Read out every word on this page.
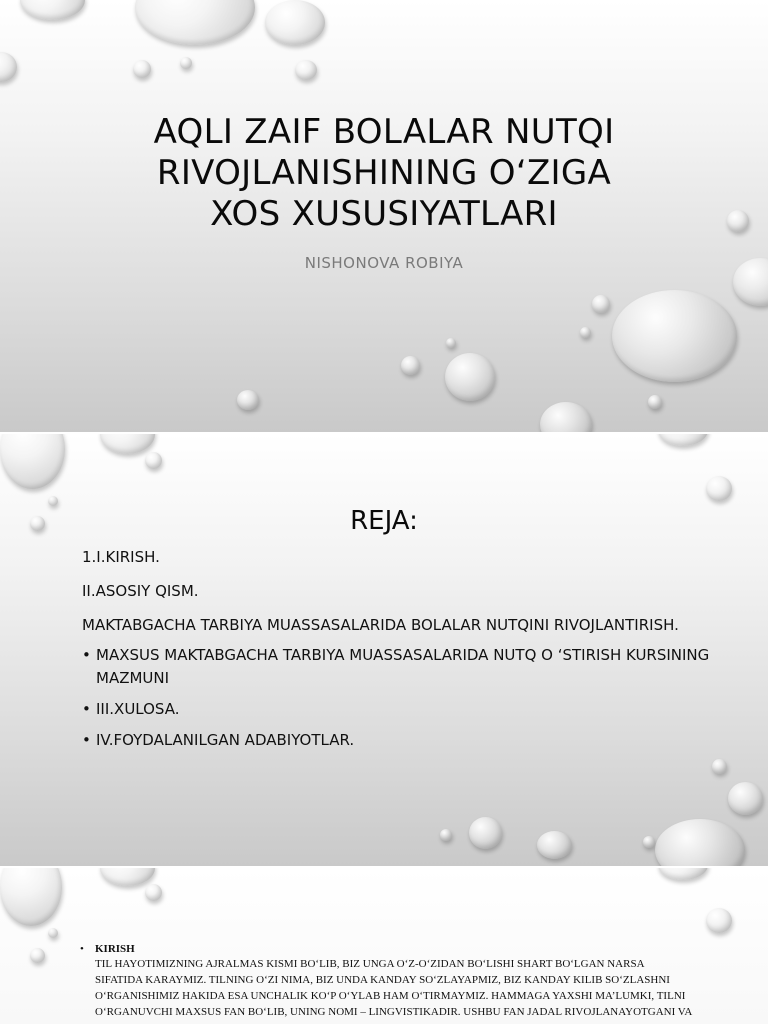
AQLI ZAIF BOLALAR NUTQI
RIVOJLANISHINING O‘ZIGA
XOS XUSUSIYATLARI
NISHONOVA ROBIYA
REJA:
1.I.KIRISH.
II.ASOSIY QISM.
MAKTABGACHA TARBIYA MUASSASALARIDA BOLALAR NUTQINI RIVOJLANTIRISH.
• MAXSUS MAKTABGACHA TARBIYA MUASSASALARIDA NUTQ O ‘STIRISH KURSINING MAZMUNI
• III.XULOSA.
• IV.FOYDALANILGAN ADABIYOTLAR.
•	KIRISH
TIL HAYOTIMIZNING AJRALMAS KISMI BO‘LIB, BIZ UNGA O‘Z-O‘ZIDAN BO‘LISHI SHART BO‘LGAN NARSA
SIFATIDA KARAYMIZ. TILNING O‘ZI NIMA, BIZ UNDA KANDAY SO‘ZLAYAPMIZ, BIZ KANDAY KILIB SO‘ZLASHNI
O‘RGANISHIMIZ HAKIDA ESA UNCHALIK KO‘P O‘YLAB HAM O‘TIRMAYMIZ. HAMMAGA YAXSHI MA’LUMKI, TILNI
O‘RGANUVCHI MAXSUS FAN BO‘LIB, UNING NOMI – LINGVISTIKADIR. USHBU FAN JADAL RIVOJLANAYOTGANI VA
